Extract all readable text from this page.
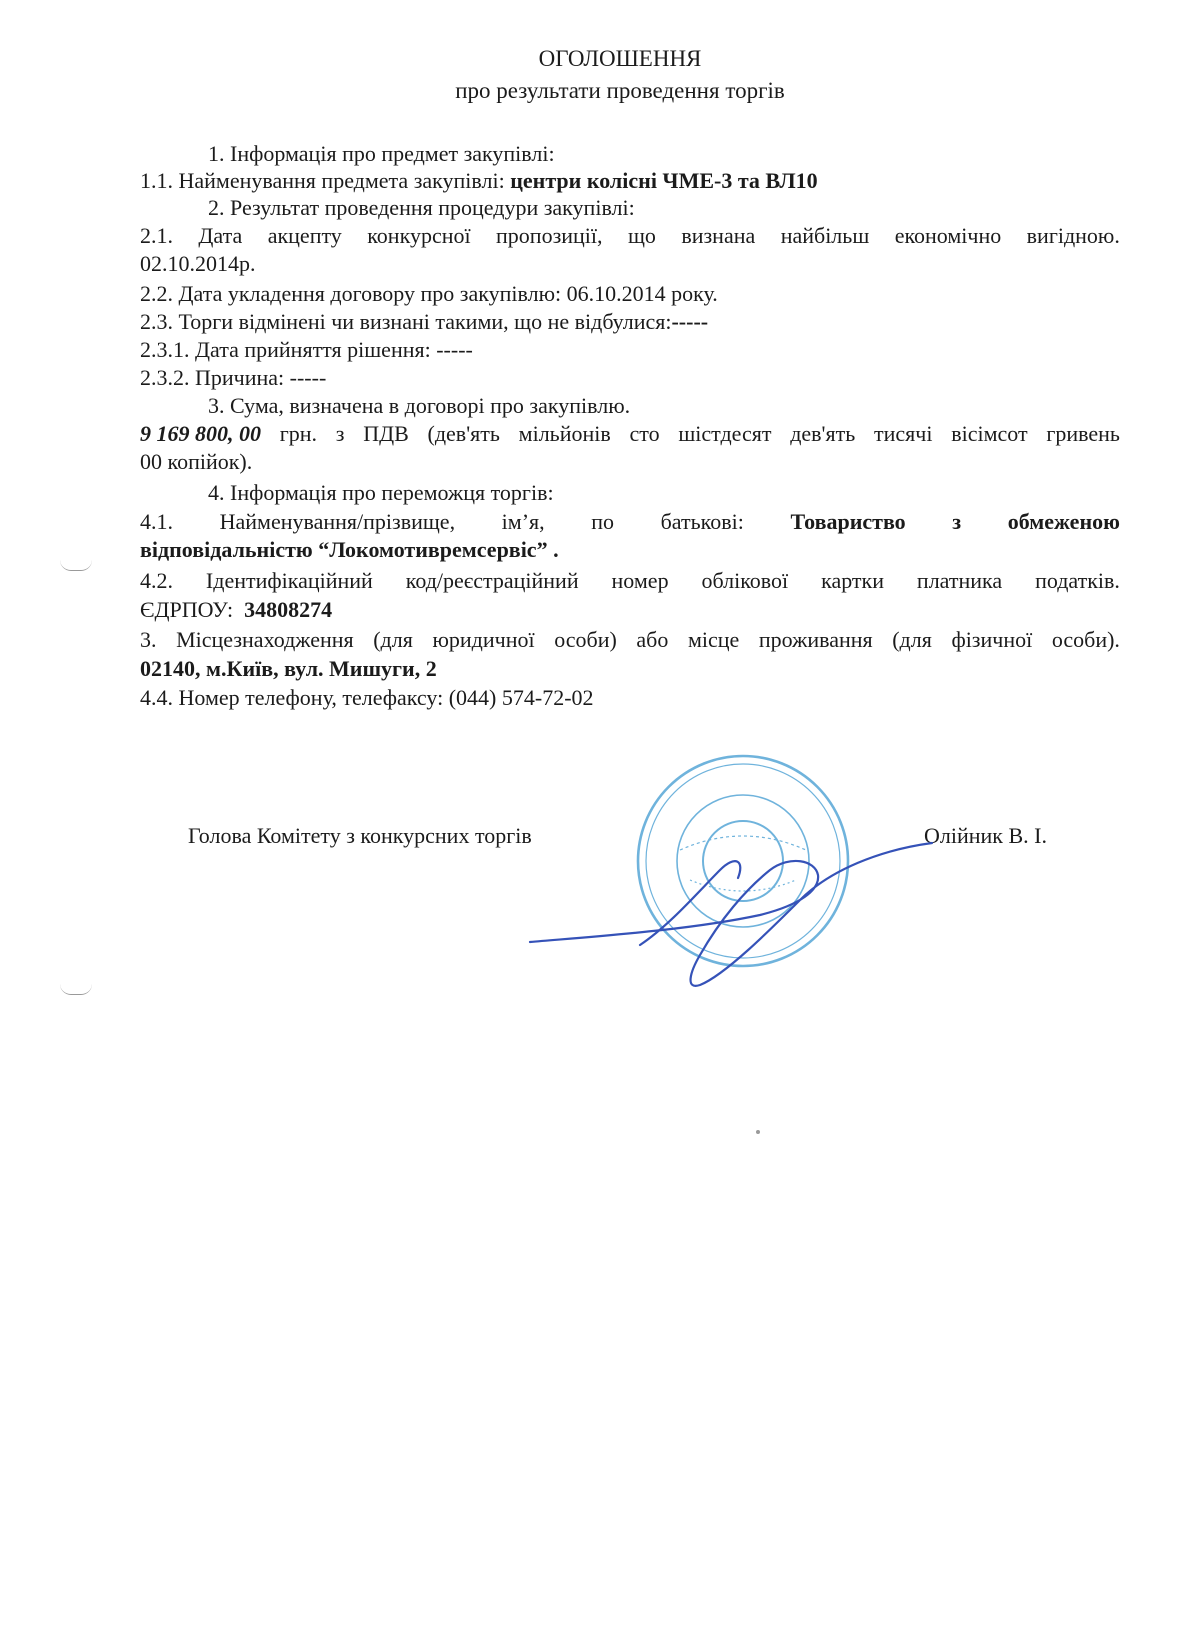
ОГОЛОШЕННЯ
про результати проведення торгів
1. Інформація про предмет закупівлі:
1.1. Найменування предмета закупівлі: центри колісні ЧМЕ-3 та ВЛ10
2. Результат проведення процедури закупівлі:
2.1. Дата акцепту конкурсної пропозиції, що визнана найбільш економічно вигідною.
02.10.2014р.
2.2. Дата укладення договору про закупівлю: 06.10.2014 року.
2.3. Торги відмінені чи визнані такими, що не відбулися:-----
2.3.1. Дата прийняття рішення: -----
2.3.2. Причина: -----
3. Сума, визначена в договорі про закупівлю.
9 169 800, 00 грн. з ПДВ (дев'ять мільйонів сто шістдесят дев'ять тисячі вісімсот гривень
00 копійок).
4. Інформація про переможця торгів:
4.1. Найменування/прізвище, ім’я, по батькові: Товариство з обмеженою
відповідальністю “Локомотивремсервіс” .
4.2. Ідентифікаційний код/реєстраційний номер облікової картки платника податків.
ЄДРПОУ: 34808274
3. Місцезнаходження (для юридичної особи) або місце проживання (для фізичної особи).
02140, м.Київ, вул. Мишуги, 2
4.4. Номер телефону, телефаксу: (044) 574-72-02
Голова Комітету з конкурсних торгів	Олійник В. І.
